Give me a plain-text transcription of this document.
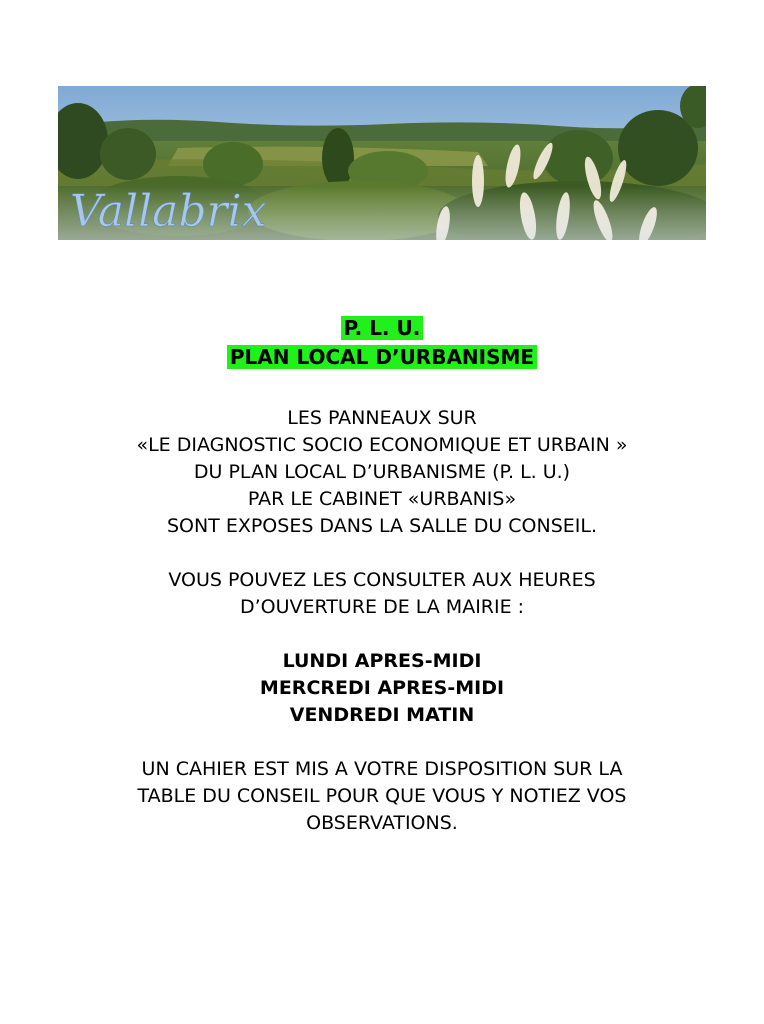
Vallabrix
P. L. U.
PLAN LOCAL D’URBANISME
LES PANNEAUX SUR
«LE DIAGNOSTIC SOCIO ECONOMIQUE ET URBAIN »
DU PLAN LOCAL D’URBANISME (P. L. U.)
PAR LE CABINET «URBANIS»
SONT EXPOSES DANS LA SALLE DU CONSEIL.
VOUS POUVEZ LES CONSULTER AUX HEURES
D’OUVERTURE DE LA MAIRIE :
LUNDI APRES-MIDI
MERCREDI APRES-MIDI
VENDREDI MATIN
UN CAHIER EST MIS A VOTRE DISPOSITION SUR LA
TABLE DU CONSEIL POUR QUE VOUS Y NOTIEZ VOS
OBSERVATIONS.
